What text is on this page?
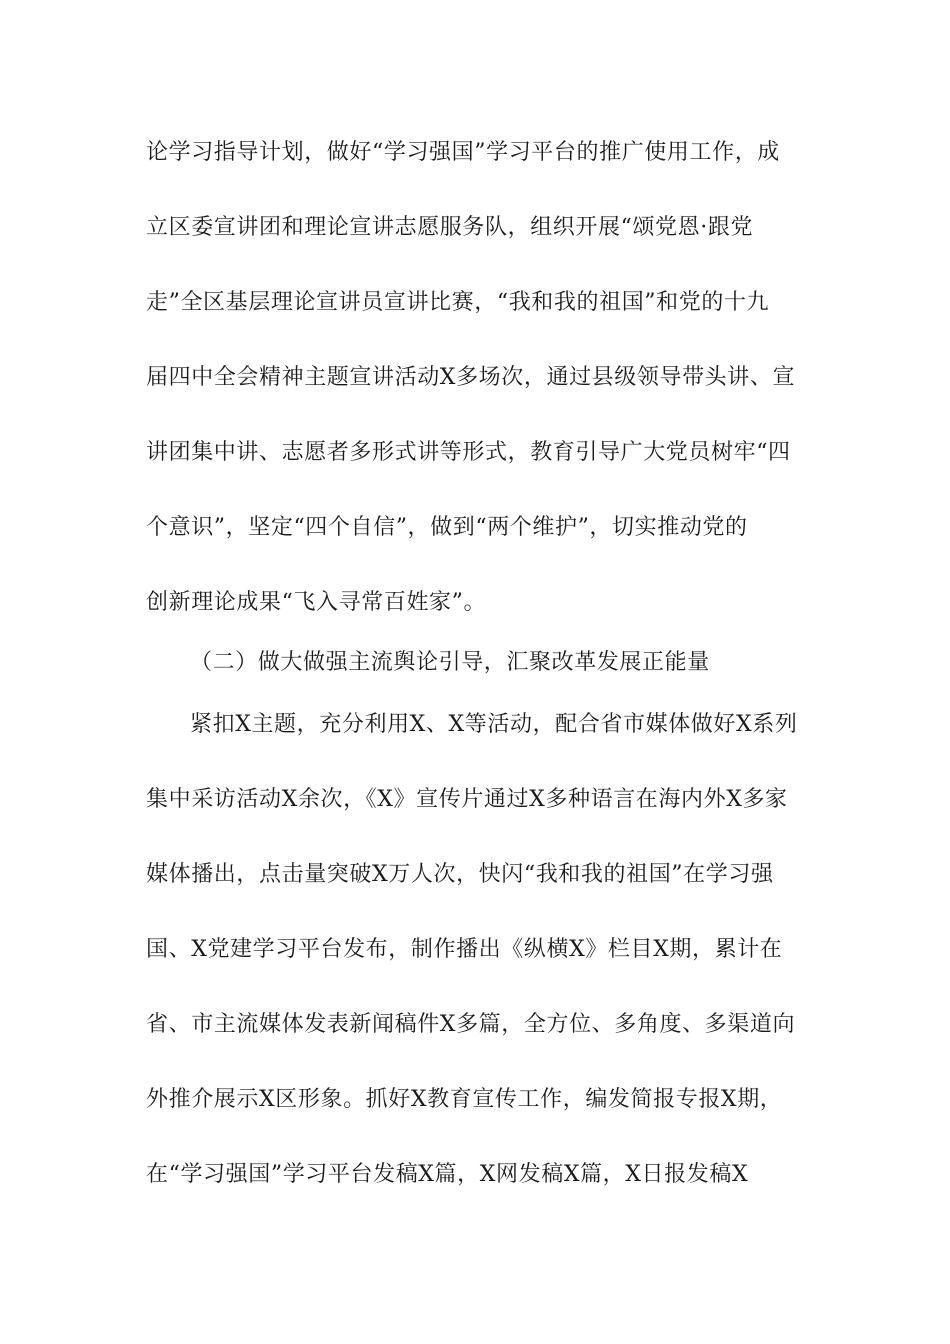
论学习指导计划，做好“学习强国”学习平台的推广使用工作，成
立区委宣讲团和理论宣讲志愿服务队，组织开展“颂党恩·跟党
走”全区基层理论宣讲员宣讲比赛，“我和我的祖国”和党的十九
届四中全会精神主题宣讲活动X多场次，通过县级领导带头讲、宣
讲团集中讲、志愿者多形式讲等形式，教育引导广大党员树牢“四
个意识”，坚定“四个自信”，做到“两个维护”，切实推动党的
创新理论成果“飞入寻常百姓家”。
（二）做大做强主流舆论引导，汇聚改革发展正能量
紧扣X主题，充分利用X、X等活动，配合省市媒体做好X系列
集中采访活动X余次，《X》宣传片通过X多种语言在海内外X多家
媒体播出，点击量突破X万人次，快闪“我和我的祖国”在学习强
国、X党建学习平台发布，制作播出《纵横X》栏目X期，累计在
省、市主流媒体发表新闻稿件X多篇，全方位、多角度、多渠道向
外推介展示X区形象。抓好X教育宣传工作，编发简报专报X期，
在“学习强国”学习平台发稿X篇，X网发稿X篇，X日报发稿X
